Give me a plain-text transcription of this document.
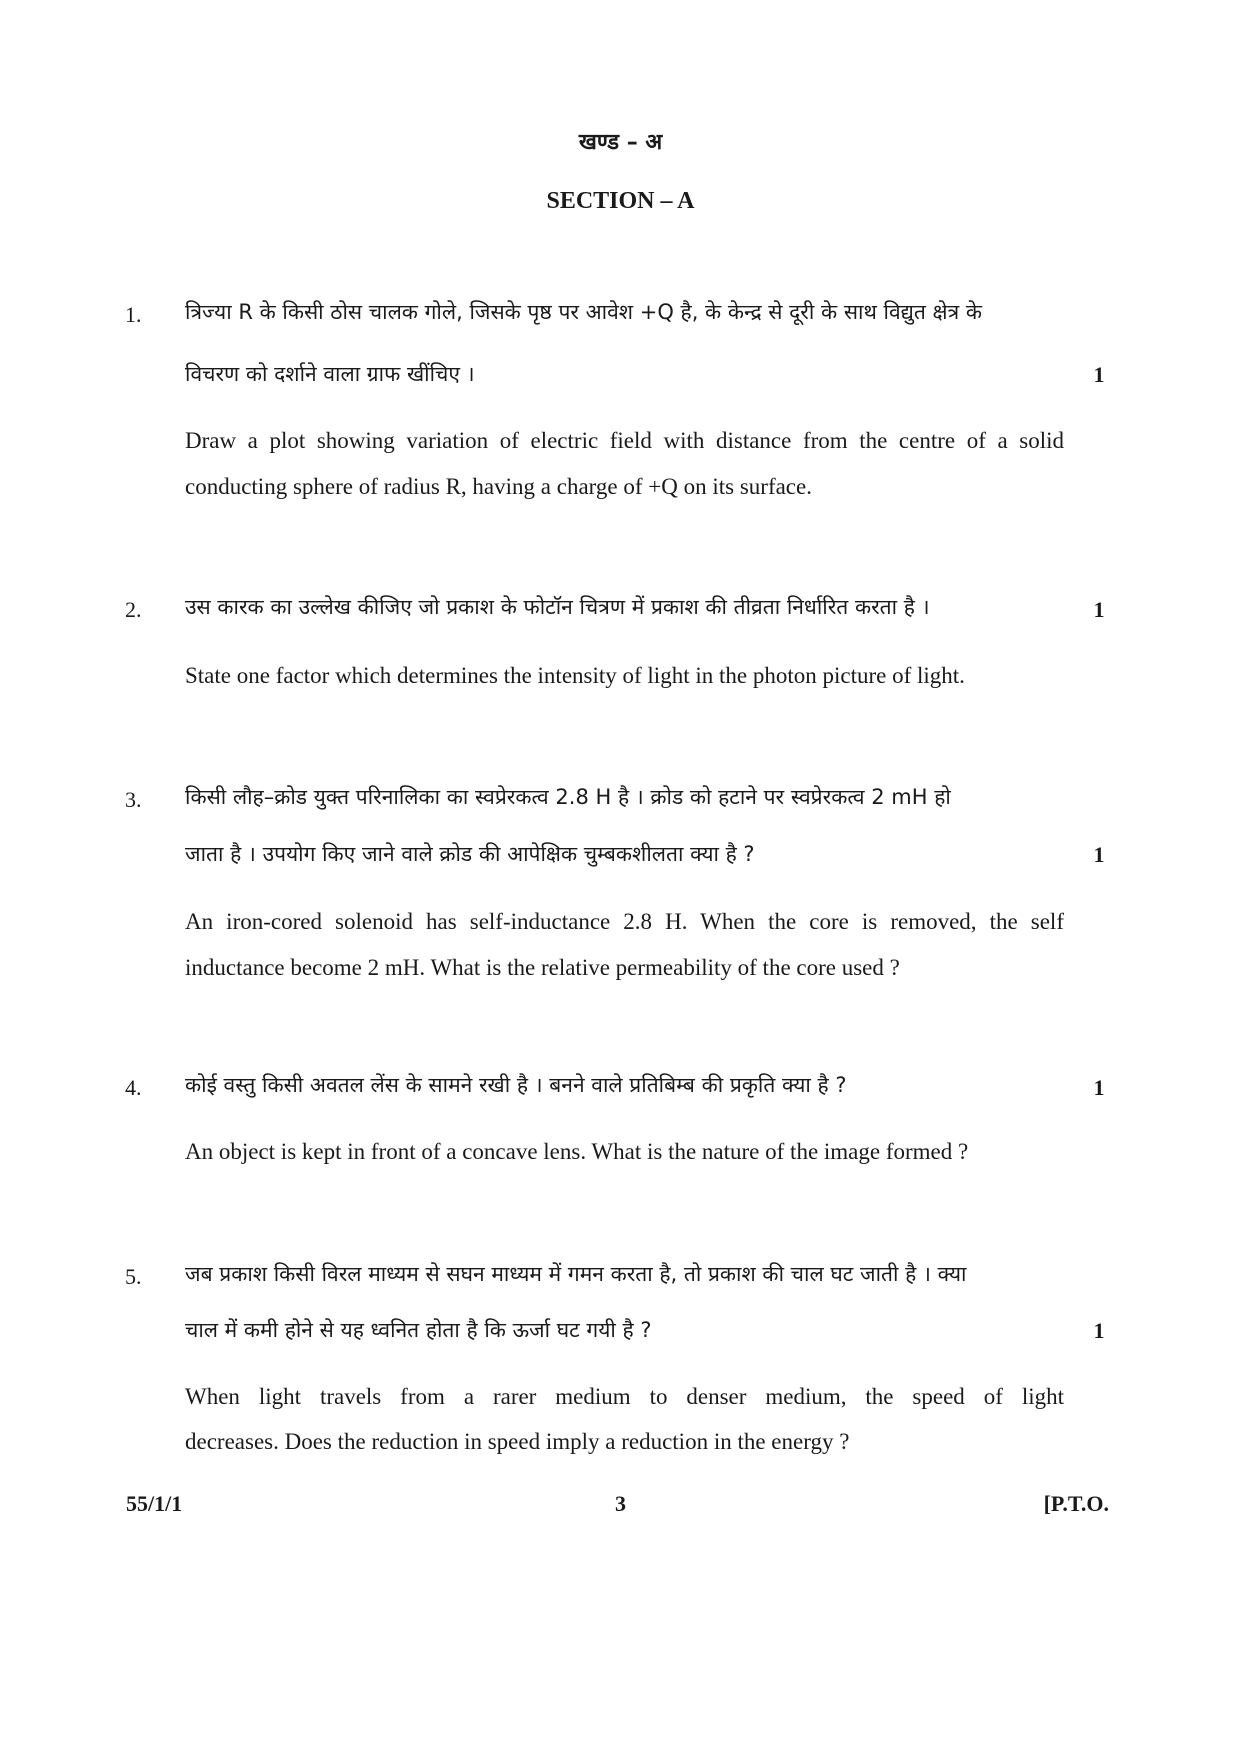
खण्ड – अ
SECTION – A
1. त्रिज्या R के किसी ठोस चालक गोले, जिसके पृष्ठ पर आवेश +Q है, के केन्द्र से दूरी के साथ विद्युत क्षेत्र के
विचरण को दर्शाने वाला ग्राफ खींचिए ।	1
Draw a plot showing variation of electric field with distance from the centre of a solid
conducting sphere of radius R, having a charge of +Q on its surface.
2. उस कारक का उल्लेख कीजिए जो प्रकाश के फोटॉन चित्रण में प्रकाश की तीव्रता निर्धारित करता है ।	1
State one factor which determines the intensity of light in the photon picture of light.
3. किसी लौह–क्रोड युक्त परिनालिका का स्वप्रेरकत्व 2.8 H है । क्रोड को हटाने पर स्वप्रेरकत्व 2 mH हो
जाता है । उपयोग किए जाने वाले क्रोड की आपेक्षिक चुम्बकशीलता क्या है ?	1
An iron-cored solenoid has self-inductance 2.8 H. When the core is removed, the self
inductance become 2 mH. What is the relative permeability of the core used ?
4. कोई वस्तु किसी अवतल लेंस के सामने रखी है । बनने वाले प्रतिबिम्ब की प्रकृति क्या है ?	1
An object is kept in front of a concave lens. What is the nature of the image formed ?
5. जब प्रकाश किसी विरल माध्यम से सघन माध्यम में गमन करता है, तो प्रकाश की चाल घट जाती है । क्या
चाल में कमी होने से यह ध्वनित होता है कि ऊर्जा घट गयी है ?	1
When light travels from a rarer medium to denser medium, the speed of light
decreases. Does the reduction in speed imply a reduction in the energy ?
55/1/1	3	[P.T.O.
